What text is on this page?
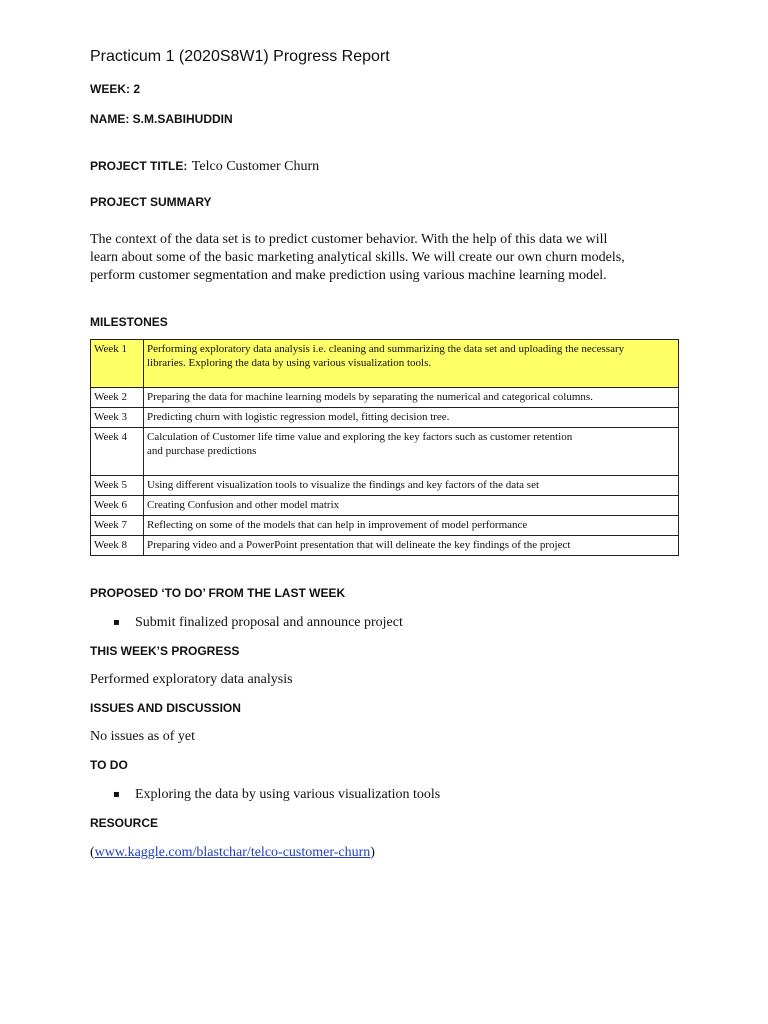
Practicum 1 (2020S8W1) Progress Report
WEEK: 2
NAME: S.M.SABIHUDDIN
PROJECT TITLE: Telco Customer Churn
PROJECT SUMMARY

The context of the data set is to predict customer behavior. With the help of this data we will

learn about some of the basic marketing analytical skills. We will create our own churn models,

perform customer segmentation and make prediction using various machine learning model.

MILESTONES
Week 1	Performing exploratory data analysis i.e. cleaning and summarizing the data set and uploading the necessary
libraries. Exploring the data by using various visualization tools.

Week 2	Preparing the data for machine learning models by separating the numerical and categorical columns.

Week 3	Predicting churn with logistic regression model, fitting decision tree.

Week 4	Calculation of Customer life time value and exploring the key factors such as customer retention
and purchase predictions

Week 5	Using different visualization tools to visualize the findings and key factors of the data set

Week 6	Creating Confusion and other model matrix

Week 7	Reflecting on some of the models that can help in improvement of model performance

Week 8	Preparing video and a PowerPoint presentation that will delineate the key findings of the project
PROPOSED ‘TO DO’ FROM THE LAST WEEK
▪ Submit finalized proposal and announce project
THIS WEEK’S PROGRESS
Performed exploratory data analysis
ISSUES AND DISCUSSION
No issues as of yet
TO DO
▪ Exploring the data by using various visualization tools
RESOURCE
(www.kaggle.com/blastchar/telco-customer-churn)
